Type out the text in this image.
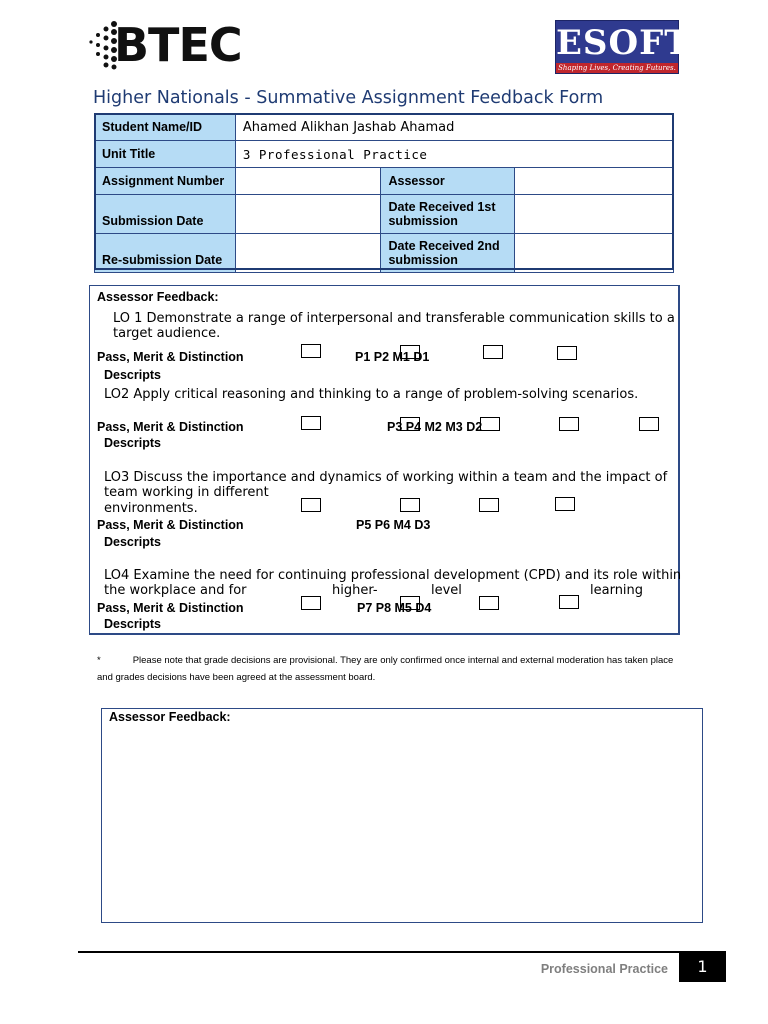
BTEC	ESOFT
Shaping Lives, Creating Futures.
Higher Nationals - Summative Assignment Feedback Form
Student Name/ID	Ahamed Alikhan Jashab Ahamad		
Unit Title	3 Professional Practice		
Assignment Number		Assessor	
Submission Date		Date Received 1st
submission	

Re-submission Date		Date Received 2nd
submission	

Assessor Feedback:
LO 1 Demonstrate a range of interpersonal and transferable communication skills to a
target audience.
Pass, Merit & Distinction
Descripts
P1 P2 M1 D1
LO2 Apply critical reasoning and thinking to a range of problem-solving scenarios.
Pass, Merit & Distinction
Descripts
P3 P4 M2 M3 D2
LO3 Discuss the importance and dynamics of working within a team and the impact of
team working in different
environments.
Pass, Merit & Distinction
Descripts
P5 P6 M4 D3
LO4 Examine the need for continuing professional development (CPD) and its role within
the workplace and for	higher-	level	learning
Pass, Merit & Distinction
Descripts
P7 P8 M5 D4
*	Please note that grade decisions are provisional. They are only confirmed once internal and external moderation has taken place
and grades decisions have been agreed at the assessment board.
Assessor Feedback:
Professional Practice	1
